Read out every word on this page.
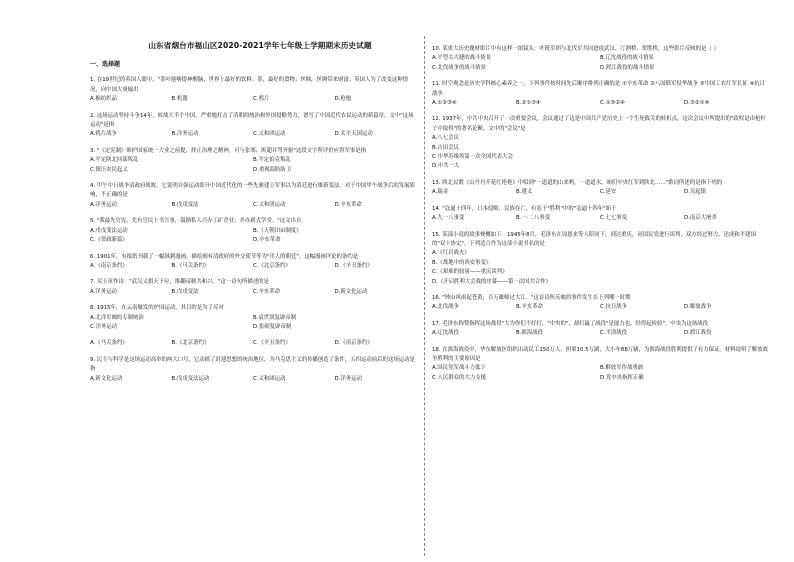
山东省烟台市福山区2020-2021学年七年级上学期期末历史试题
一、选择题
1. 在19世纪的英国人眼中，"茶叶能够提神醒脑，世界上最好的饮料；茶，最好的食物；丝绸，丝绸带来财富；英国人为了改变这种情况，向中国大量输出
A.棉纺织品	B.机器	C.鸦片	D.枪炮
2. 这场运动坚持斗争14年，转战大半个中国，严重地打击了清朝的统治和外国侵略势力，谱写了中国近代农民运动的新篇章。文中"这场运动"是指
A.鸦片战争	B.洋务运动	C.义和团运动	D.太平天国运动
3. "《定宪制》维护国家统一大业之前提，择正治理之精神，可与张骞、班超并驾齐驱"这段文字所评价应得军事是指
A.平定陕北回部叛乱	B.平定伯克叛乱
C.镇压农民起义	D.重视海防防卫
4. 甲午中日战争清政府战败，它说明自强运动即开中国近代化的一些先驱建立军事以为清廷进行维新变法。对于中国甲午战争后的发展影响，不正确的是
A.洋务运动	B.戊戌变法	C.义和团运动	D.辛亥革命
5. "我最先官宪，先有官民上书言事，鼓励私人兴办工矿企业；并办新式学堂。"这文出自
A.戊戌变法运动	B.《天朝田亩制度》
C.《资政新篇》	D.辛亥革命
6. 1901年，有报纸刊载了一幅讽刺漫画，描绘刻有清政府的外交使节等为"洋人的朝廷"。这幅漫画评论的条约是
A.《南京条约》	B.《马关条约》	C.《北京条约》	D.《辛丑条约》
7. 吴玉章作诗："武汉义旗天下应，推翻帝制共和兴。"这一诗句所描述的是
A.洋务运动	B.戊戌变法	C.辛亥革命	D.新文化运动
8. 1915年，在云南爆发的护国运动，其目的是为了反对
A.北洋军阀的专制统治	B.袁世凯复辟帝制
C.洋务运动	D.张勋复辟帝制
A.《马关条约》	B.《北京条约》	C.《辛丑条约》	D.《南京条约》
9. 民主与科学是这场运动高举的两大口号，它动摇了封建思想的统治地位，为马克思主义的传播创造了条件，五四运动前后的这场运动是指
A.新文化运动	B.戊戌变法运动	C.义和团运动	D.洋务运动
10. 某重大历史题材影片中有这样一组镜头：叶挺军团与北伐军共同进攻武汉、汀泗桥、贺胜桥，这些影片反映的是（ ）
A.平型关大捷的战斗情景	B.辽沈战役的战斗情景
C.北伐战争的战斗情景	D.渡江战役的战斗情景
11. 时空观念是历史学科核心素养之一，下列事件按时间先后顺序排列正确的是 ①辛亥革命 ②八国联军侵华战争 ③中国工农红军长征 ④抗日战争
A.①②③④	B.②①③④	C.①③②④	D.③②①④
12. 1937年，中共中央召开了一次重要会议，会议通过了这是中国共产党历史上一个生死攸关的转折点，这次会议中所提出的"政权是由枪杆子中取得"的著名论断，文中的"会议"是
A.八七会议
B.古田会议
C.中华苏维埃第一次全国代表大会
D.中共一大
13. 陕北民歌《山丹丹开花红艳艳》中唱到"一道道的山来哟，一道道水，咱们中央红军到陕北……"歌词所述的是指下列的
A.瑞金	B.遵义	C.延安	D.吴起镇
14. "寇逼十四年，日本侵略，民族存亡，有寇于"胜利"中的"寇逼十四年"始于
A.九一八事变	B.一·二八事变	C.七七事变	D.南京大屠杀
15. 某部小说的故事梗概如下：1945年8月，毛泽东在周恩来等人陪同下，到达重庆，同国民党进行谈判，双方经过努力，达成和平建国的"双十协定"。下列适合作为这部小说书名的是
A.《红岩战火》
B.《战地中的西安事变》
C.《艰难的较量——重庆谈判》
D.《开启胜利大会战的序幕——第一次国共合作》
16. "钟山风雨起苍黄，百万雄师过大江。"这首诗所反映的事件发生在下列哪一时期
A.北伐战争	B.辛亥革命	C.抗日战争	D.解放战争
17. 毛泽东称赞指挥这场战役"大为你们不好打，"中央的"，却打赢了战役"是能力也，经得起检验"。中央为这场战役
A.辽沈战役	B.淮海战役	C.平津战役	D.渡江战役
18. 在淮海战役中，华东解放区组织出动民工150万人，担架10.5万副，大小车88万辆，为淮海战役胜利提供了有力保证。材料说明了解放战争胜利的主要原因是
A.国民党军战斗力低下	B.解放军作战勇敢
C.人民群众的大力支援	D.党中央指挥正确
